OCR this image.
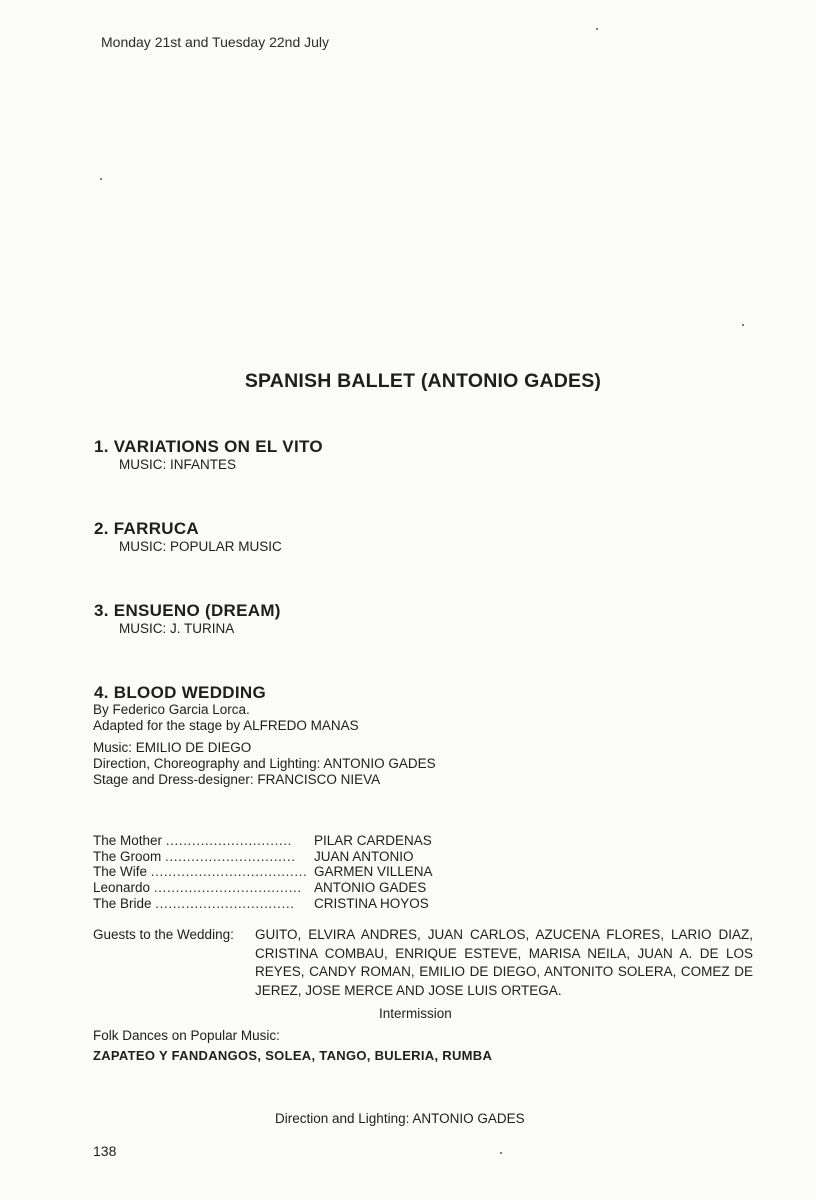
Monday 21st and Tuesday 22nd July
SPANISH BALLET (ANTONIO GADES)
1. VARIATIONS ON EL VITO
MUSIC: INFANTES
2. FARRUCA
MUSIC: POPULAR MUSIC
3. ENSUENO (DREAM)
MUSIC: J. TURINA
4. BLOOD WEDDING
By Federico Garcia Lorca.
Adapted for the stage by ALFREDO MANAS
Music: EMILIO DE DIEGO
Direction, Choreography and Lighting: ANTONIO GADES
Stage and Dress-designer: FRANCISCO NIEVA
The Mother ............................. PILAR CARDENAS
The Groom .............................. JUAN ANTONIO
The Wife .................................... GARMEN VILLENA
Leonardo .................................. ANTONIO GADES
The Bride ................................ CRISTINA HOYOS
Guests to the Wedding:	GUITO, ELVIRA ANDRES, JUAN CARLOS, AZUCENA FLORES, LARIO DIAZ, CRISTINA COMBAU, ENRIQUE ESTEVE, MARISA NEILA, JUAN A. DE LOS REYES, CANDY ROMAN, EMILIO DE DIEGO, ANTONITO SOLERA, COMEZ DE JEREZ, JOSE MERCE AND JOSE LUIS ORTEGA.
Intermission
Folk Dances on Popular Music:
ZAPATEO Y FANDANGOS, SOLEA, TANGO, BULERIA, RUMBA
Direction and Lighting: ANTONIO GADES
138
